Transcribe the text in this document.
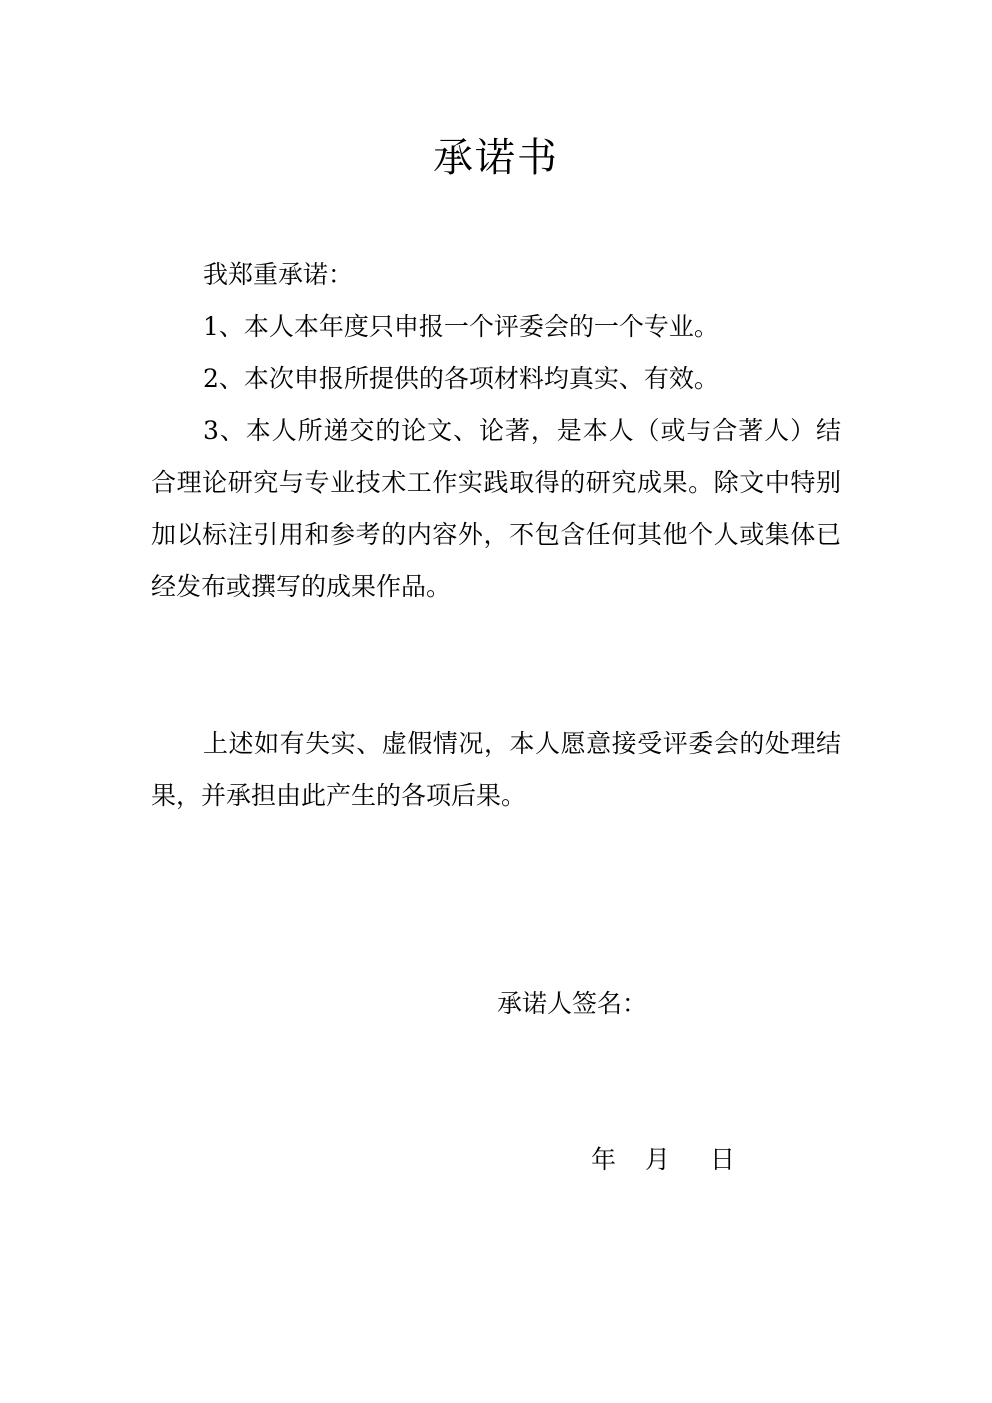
承诺书

我郑重承诺：

1、本人本年度只申报一个评委会的一个专业。

2、本次申报所提供的各项材料均真实、有效。

3、本人所递交的论文、论著，是本人（或与合著人）结合理论研究与专业技术工作实践取得的研究成果。除文中特别加以标注引用和参考的内容外，不包含任何其他个人或集体已经发布或撰写的成果作品。

上述如有失实、虚假情况，本人愿意接受评委会的处理结果，并承担由此产生的各项后果。

承诺人签名：

年 月 日
